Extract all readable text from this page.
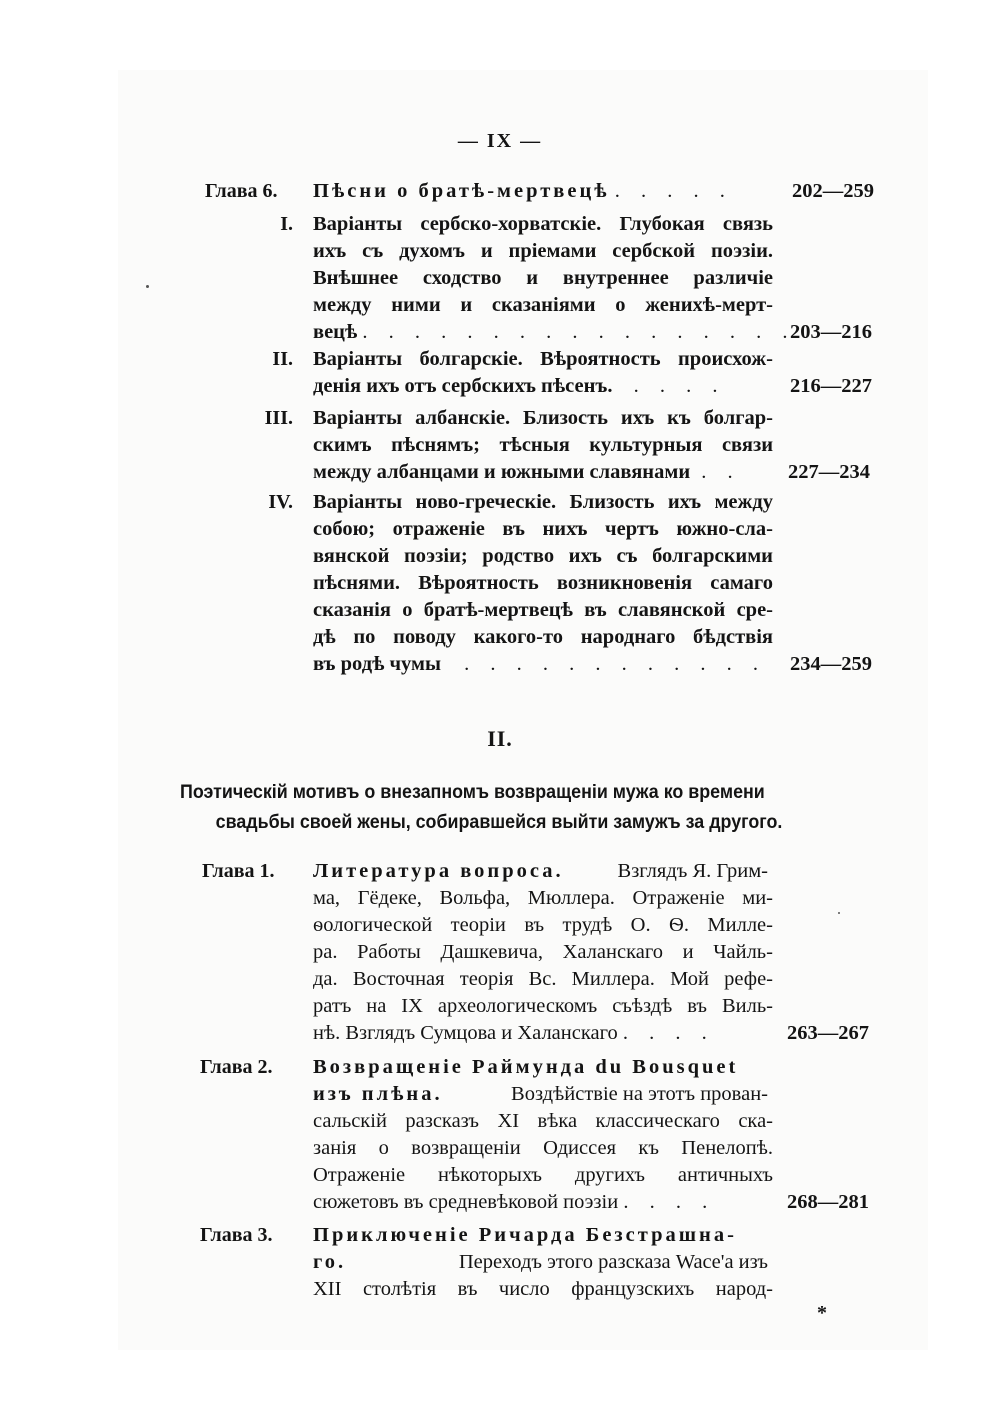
— IX —
Глава 6. Пѣсни о братѣ-мертвецѣ . . . . .	202—259
I. Варіанты сербско-хорватскіе. Глубокая связь
ихъ съ духомъ и пріемами сербской поэзіи.
Внѣшнее сходство и внутреннее различіе
между ними и сказаніями о женихѣ-мерт-
вецѣ . . . . . . . . . . . . . . . . .
203—216
II. Варіанты болгарскіе. Вѣроятность происхож-
денія ихъ отъ сербскихъ пѣсенъ. . . . .	216—227
III. Варіанты албанскіе. Близость ихъ къ болгар-
скимъ пѣснямъ; тѣсныя культурныя связи
между албанцами и южными славянами . . 227—234
IV. Варіанты ново-греческіе. Близость ихъ между
собою; отраженіе въ нихъ чертъ южно-сла-
вянской поэзіи; родство ихъ съ болгарскими
пѣснями. Вѣроятность возникновенія самаго
сказанія о братѣ-мертвецѣ въ славянской сре-
дѣ по поводу какого-то народнаго бѣдствія
въ родѣ чумы . . . . . . . . . . . . 234—259
II.
Поэтическій мотивъ о внезапномъ возвращеніи мужа ко времени
свадьбы своей жены, собиравшейся выйти замужъ за другого.
Глава 1. Литература вопроса.	Взглядъ Я. Грим-
ма, Гёдеке, Вольфа, Мюллера. Отраженіе ми-
ѳологической теоріи въ трудѣ О. Ѳ. Милле-
ра. Работы Дашкевича, Халанскаго и Чайль-
да. Восточная теорія Вс. Миллера. Мой рефе-
ратъ на IX археологическомъ съѣздѣ въ Виль-
нѣ. Взглядъ Сумцова и Халанскаго . . . .	263—267
Глава 2. Возвращеніе Раймунда du Bousquet
изъ плѣна.	Воздѣйствіе на этотъ прован-
сальскій разсказъ XI вѣка классическаго ска-
занія о возвращеніи Одиссея къ Пенелопѣ.
Отраженіе нѣкоторыхъ другихъ античныхъ
сюжетовъ въ средневѣковой поэзіи . . . .	268—281
Глава 3. Приключеніе Ричарда Безстрашна-
го.	Переходъ этого разсказа Wace'а изъ
XII столѣтія въ число французскихъ народ-
*
